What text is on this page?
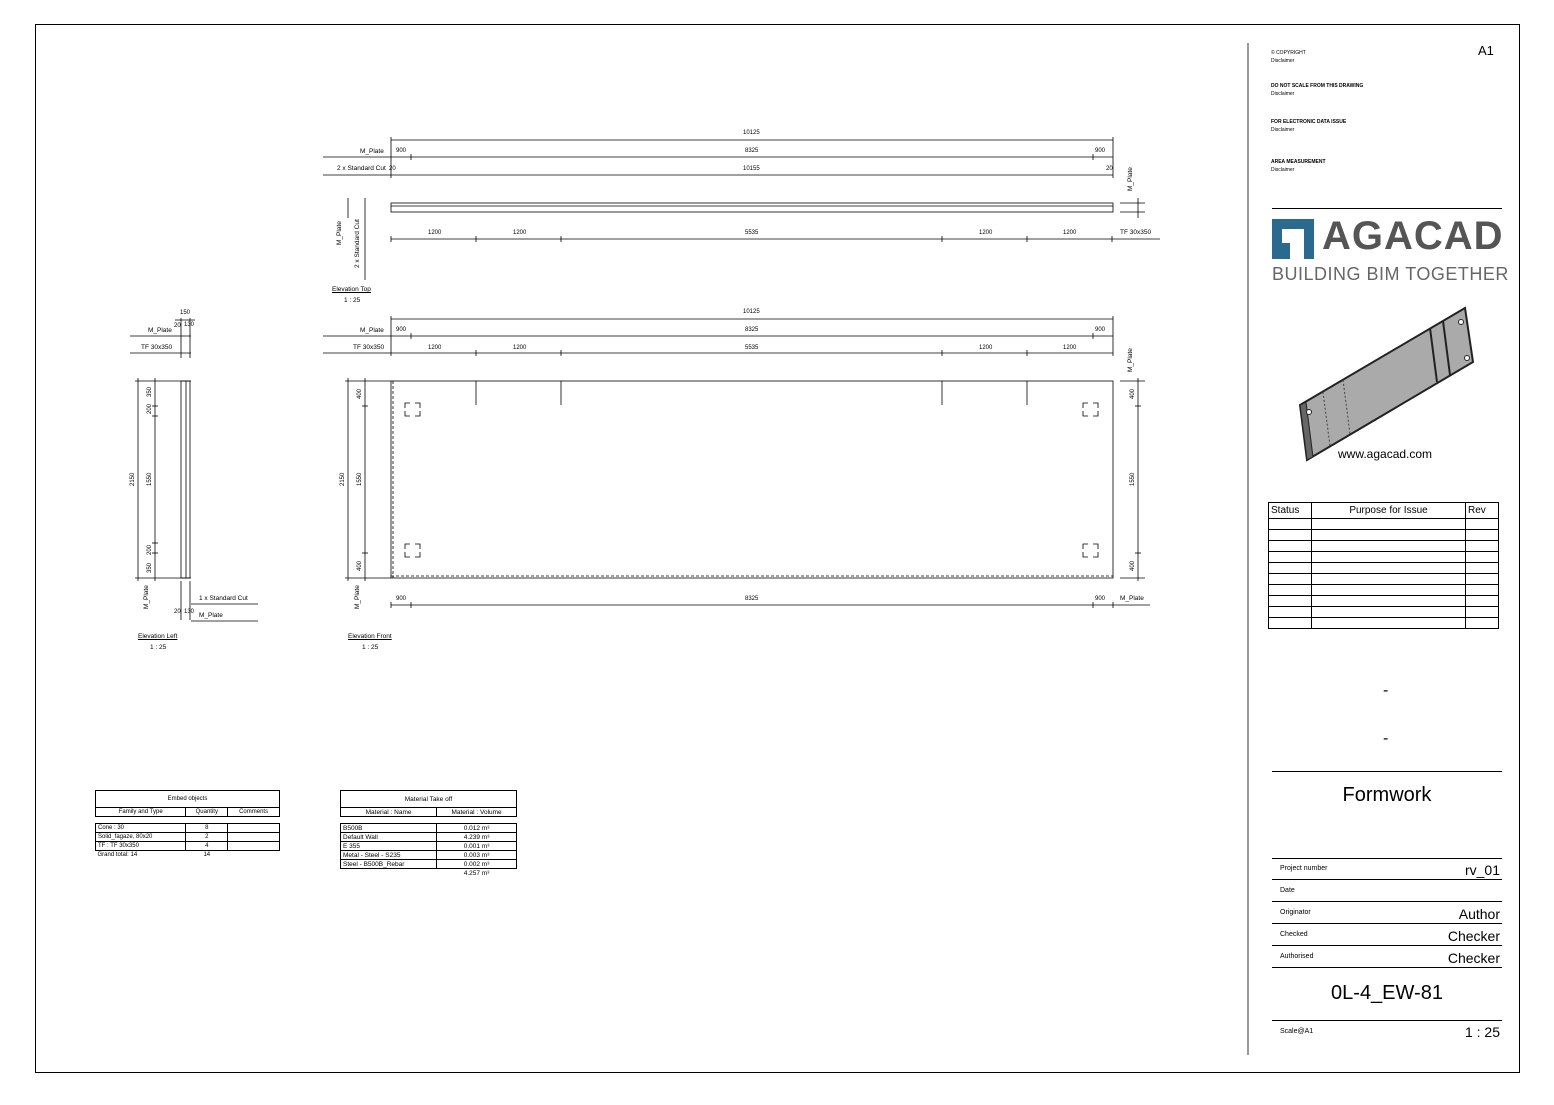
M_Plate
2 x Standard Cut
10125
900	8325	900
20	10155	20
1200	1200	5535	1200	1200	TF 30x350
M_Plate 2 x Standard Cut
M_Plate
Elevation Top
1 : 25
10125
M_Plate 900	8325	900
TF 30x350	1200	1200	5535	1200	1200
M_Plate
2150 1550
400
400
1550
400
400
M_Plate	900	8325	900 M_Plate
Elevation Front
1 : 25
150
20 130
M_Plate
TF 30x350
2150 1550
350
200
200
350
M_Plate	1 x Standard Cut
M_Plate
20 130
Elevation Left
1 : 25
Embed objects		
Family and Type	Quantity	Comments

Cone : 30	8	
Solid_fagaze, 80x20	2	
TF : TF 30x350	4	
Grand total: 14	14	
Material Take off	
Material : Name	Material : Volume

B500B	0.012 m³
Default Wall	4.239 m³
E 355	0.001 m³
Metal - Steel - S235	0.003 m³
Steel - B500B_Rebar	0.002 m³
	4.257 m³
© COPYRIGHT
Disclaimer
DO NOT SCALE FROM THIS DRAWING
Disclaimer
FOR ELECTRONIC DATA ISSUE
Disclaimer
AREA MEASUREMENT
Disclaimer
A1
AGACAD
BUILDING BIM TOGETHER
www.agacad.com
Status	Purpose for Issue	Rev

-
-
Formwork
Project number	rv_01
Date
Originator	Author
Checked	Checker
Authorised	Checker
0L-4_EW-81
Scale@A1	1 : 25
